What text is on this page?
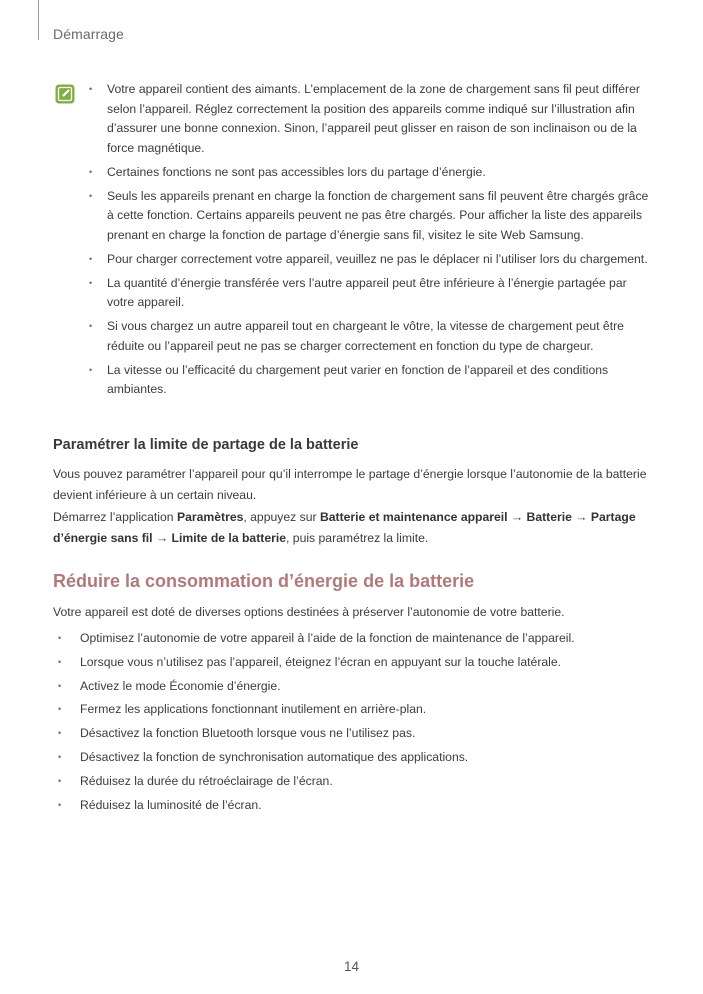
Démarrage
• Votre appareil contient des aimants. L’emplacement de la zone de chargement sans fil peut différer selon l’appareil. Réglez correctement la position des appareils comme indiqué sur l’illustration afin d’assurer une bonne connexion. Sinon, l’appareil peut glisser en raison de son inclinaison ou de la force magnétique.
• Certaines fonctions ne sont pas accessibles lors du partage d’énergie.
• Seuls les appareils prenant en charge la fonction de chargement sans fil peuvent être chargés grâce à cette fonction. Certains appareils peuvent ne pas être chargés. Pour afficher la liste des appareils prenant en charge la fonction de partage d’énergie sans fil, visitez le site Web Samsung.
• Pour charger correctement votre appareil, veuillez ne pas le déplacer ni l’utiliser lors du chargement.
• La quantité d’énergie transférée vers l’autre appareil peut être inférieure à l’énergie partagée par votre appareil.
• Si vous chargez un autre appareil tout en chargeant le vôtre, la vitesse de chargement peut être réduite ou l’appareil peut ne pas se charger correctement en fonction du type de chargeur.
• La vitesse ou l’efficacité du chargement peut varier en fonction de l’appareil et des conditions ambiantes.
Paramétrer la limite de partage de la batterie

Vous pouvez paramétrer l’appareil pour qu’il interrompe le partage d’énergie lorsque l’autonomie de la batterie devient inférieure à un certain niveau.

Démarrez l’application Paramètres, appuyez sur Batterie et maintenance appareil → Batterie → Partage d’énergie sans fil → Limite de la batterie, puis paramétrez la limite.

Réduire la consommation d’énergie de la batterie

Votre appareil est doté de diverses options destinées à préserver l’autonomie de votre batterie.

• Optimisez l’autonomie de votre appareil à l’aide de la fonction de maintenance de l’appareil.
• Lorsque vous n’utilisez pas l’appareil, éteignez l’écran en appuyant sur la touche latérale.
• Activez le mode Économie d’énergie.
• Fermez les applications fonctionnant inutilement en arrière-plan.
• Désactivez la fonction Bluetooth lorsque vous ne l’utilisez pas.
• Désactivez la fonction de synchronisation automatique des applications.
• Réduisez la durée du rétroéclairage de l’écran.
• Réduisez la luminosité de l’écran.
14
